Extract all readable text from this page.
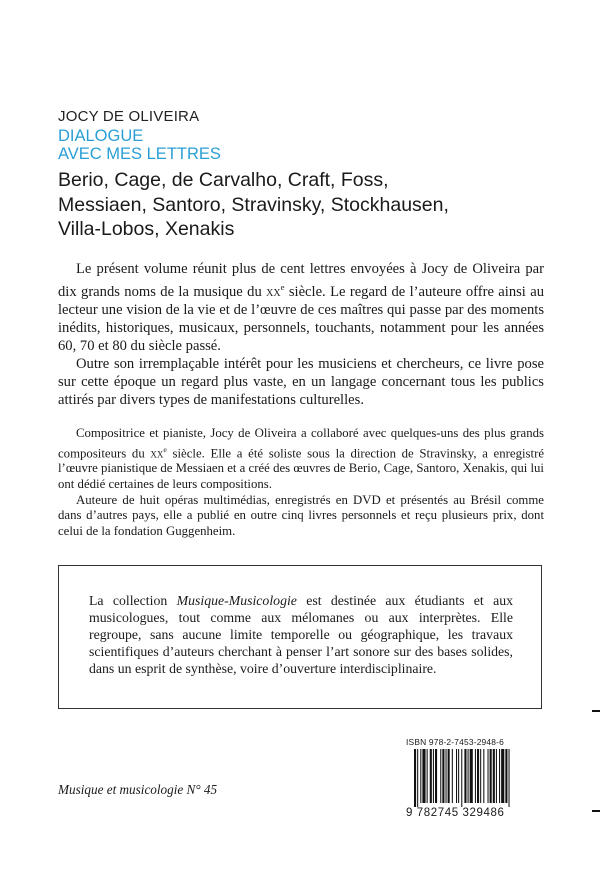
JOCY DE OLIVEIRA
DIALOGUE
AVEC MES LETTRES
Berio, Cage, de Carvalho, Craft, Foss,
Messiaen, Santoro, Stravinsky, Stockhausen,
Villa-Lobos, Xenakis

Le présent volume réunit plus de cent lettres envoyées à Jocy de Oliveira par dix grands noms de la musique du $xx^e$ siècle. Le regard de l’auteure offre ainsi au lecteur une vision de la vie et de l’œuvre de ces maîtres qui passe par des moments inédits, historiques, musicaux, personnels, touchants, notamment pour les années 60, 70 et 80 du siècle passé.

Outre son irremplaçable intérêt pour les musiciens et chercheurs, ce livre pose sur cette époque un regard plus vaste, en un langage concernant tous les publics attirés par divers types de manifestations culturelles.

Compositrice et pianiste, Jocy de Oliveira a collaboré avec quelques-uns des plus grands compositeurs du $xx^e$ siècle. Elle a été soliste sous la direction de Stravinsky, a enregistré l’œuvre pianistique de Messiaen et a créé des œuvres de Berio, Cage, Santoro, Xenakis, qui lui ont dédié certaines de leurs compositions.

Auteure de huit opéras multimédias, enregistrés en DVD et présentés au Brésil comme dans d’autres pays, elle a publié en outre cinq livres personnels et reçu plusieurs prix, dont celui de la fondation Guggenheim.

La collection Musique-Musicologie est destinée aux étudiants et aux musicologues, tout comme aux mélomanes ou aux interprètes. Elle regroupe, sans aucune limite temporelle ou géographique, les travaux scientifiques d’auteurs cherchant à penser l’art sonore sur des bases solides, dans un esprit de synthèse, voire d’ouverture interdisciplinaire.
Musique et musicologie N° 45
ISBN 978-2-7453-2948-6
9 782745 329486
